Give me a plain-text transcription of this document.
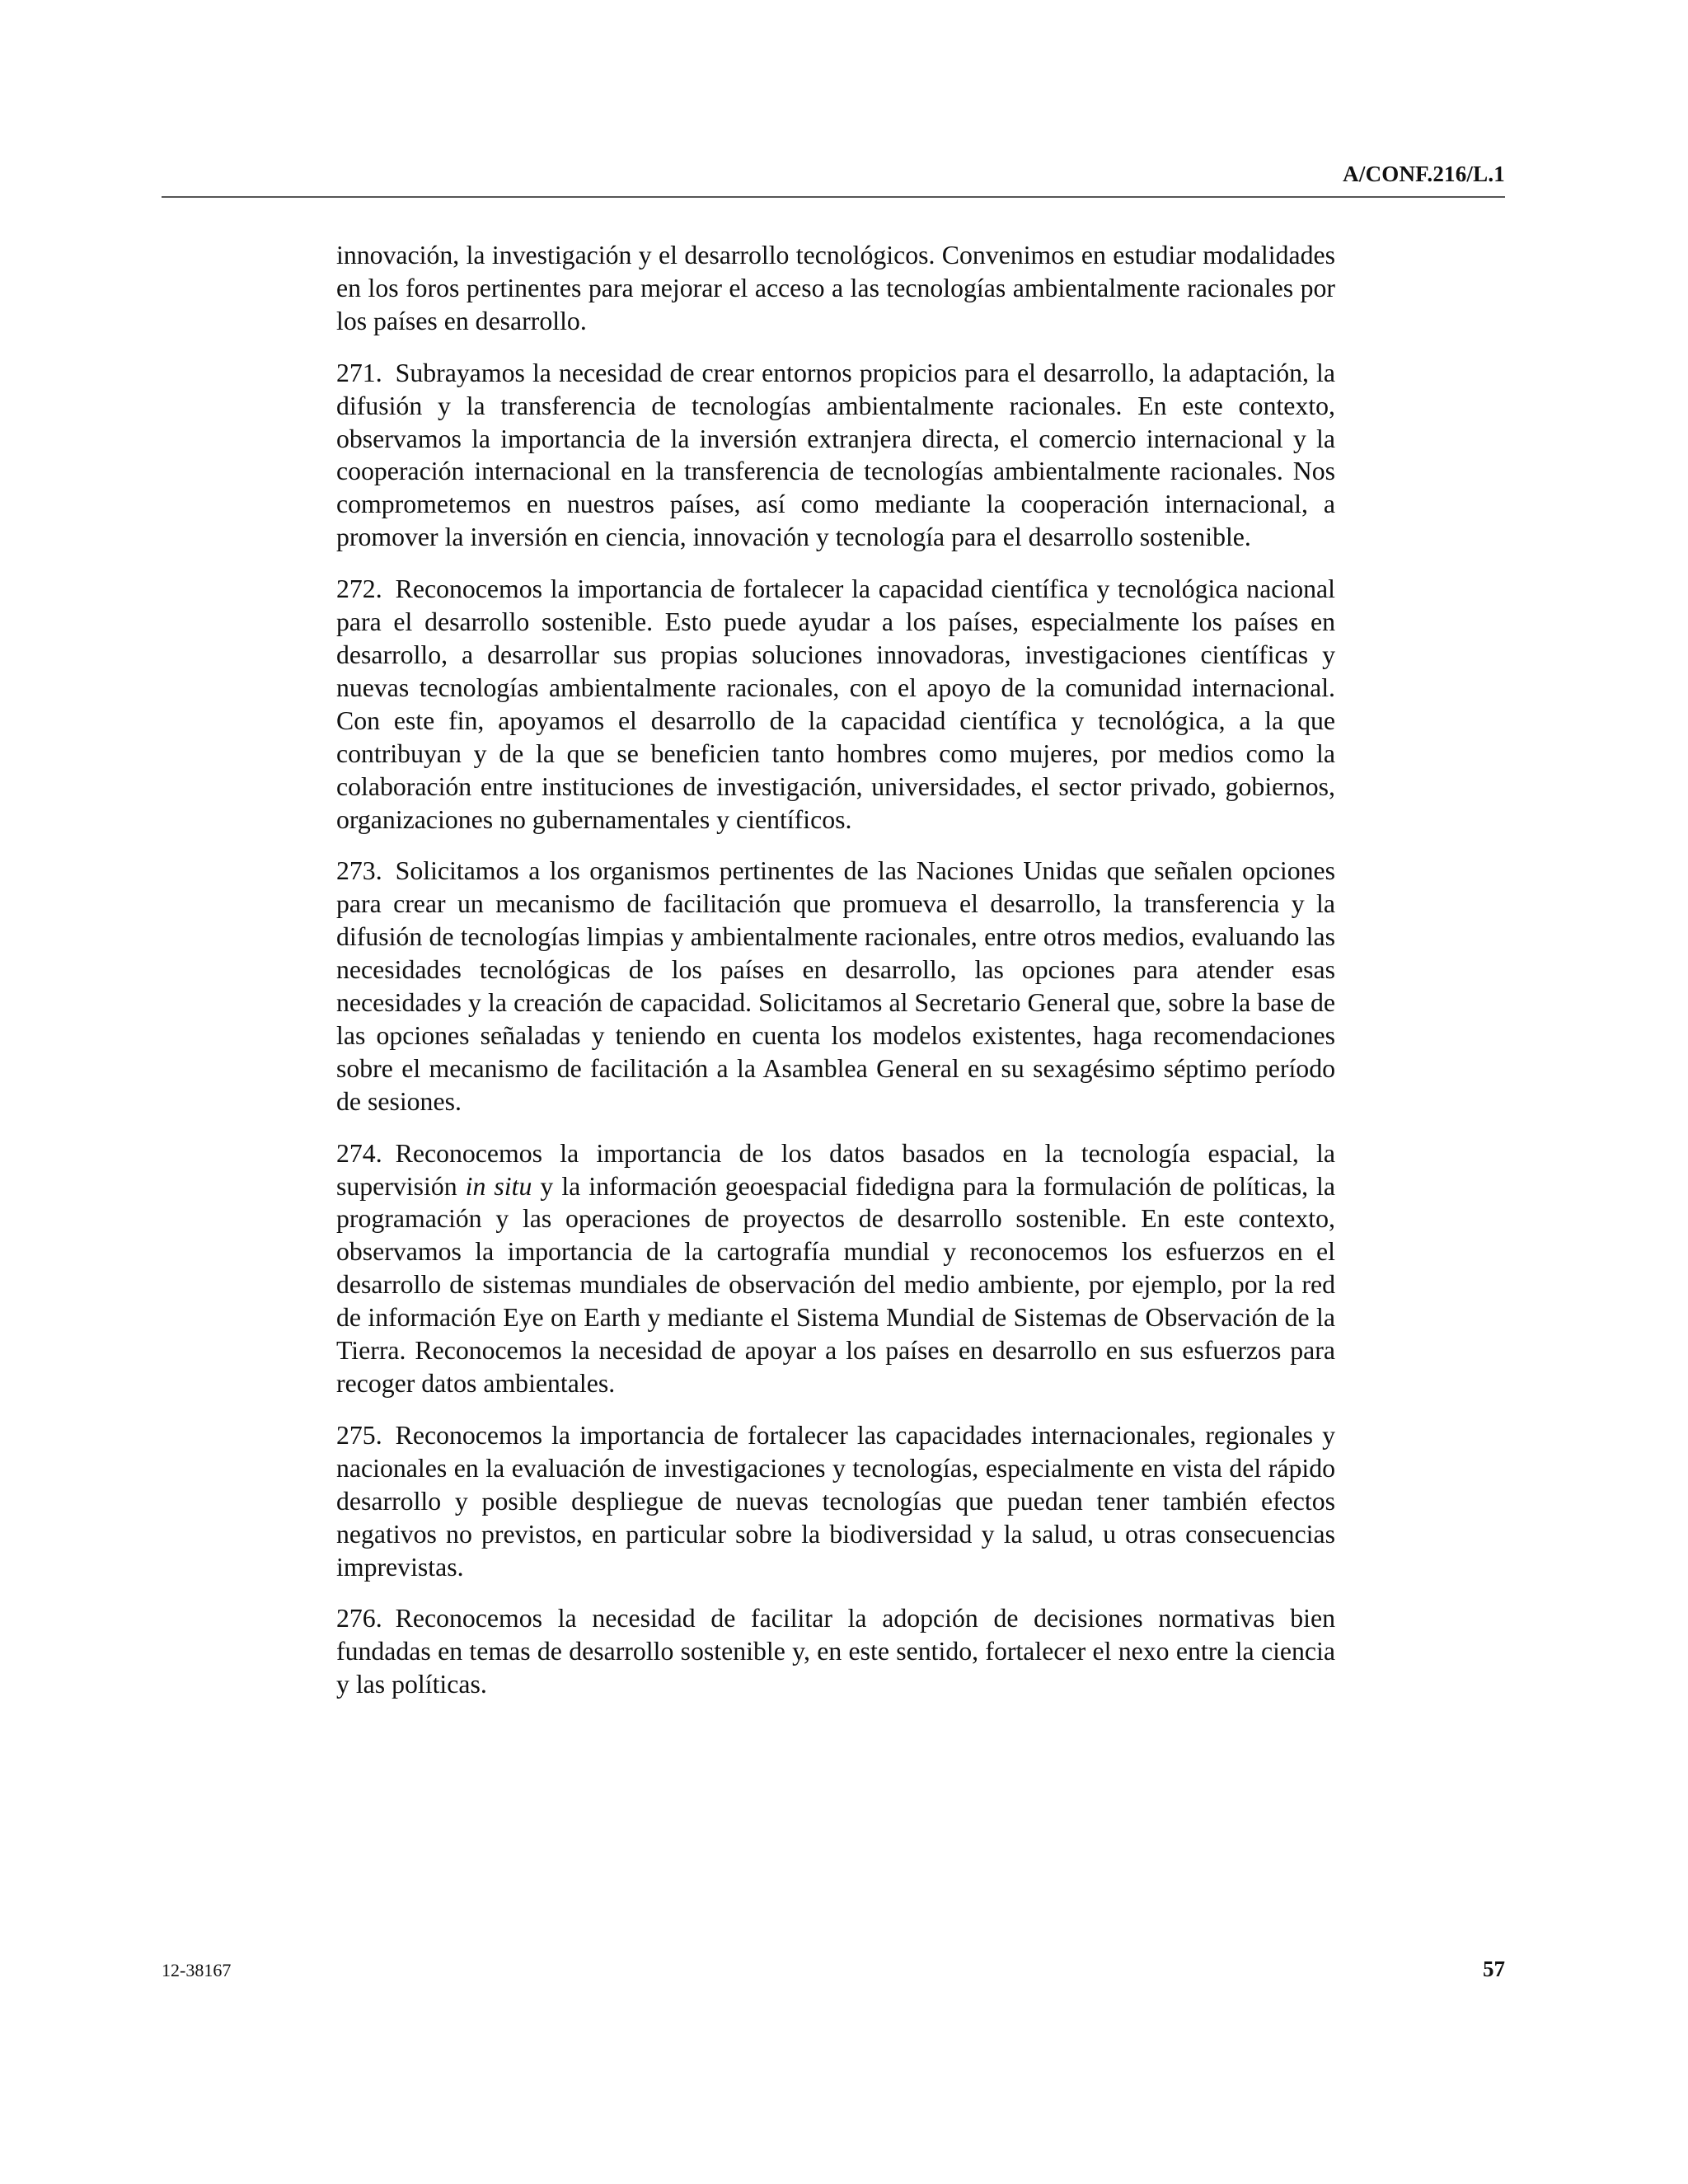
A/CONF.216/L.1

innovación, la investigación y el desarrollo tecnológicos. Convenimos en estudiar modalidades en los foros pertinentes para mejorar el acceso a las tecnologías ambientalmente racionales por los países en desarrollo.

271. Subrayamos la necesidad de crear entornos propicios para el desarrollo, la adaptación, la difusión y la transferencia de tecnologías ambientalmente racionales. En este contexto, observamos la importancia de la inversión extranjera directa, el comercio internacional y la cooperación internacional en la transferencia de tecnologías ambientalmente racionales. Nos comprometemos en nuestros países, así como mediante la cooperación internacional, a promover la inversión en ciencia, innovación y tecnología para el desarrollo sostenible.

272. Reconocemos la importancia de fortalecer la capacidad científica y tecnológica nacional para el desarrollo sostenible. Esto puede ayudar a los países, especialmente los países en desarrollo, a desarrollar sus propias soluciones innovadoras, investigaciones científicas y nuevas tecnologías ambientalmente racionales, con el apoyo de la comunidad internacional. Con este fin, apoyamos el desarrollo de la capacidad científica y tecnológica, a la que contribuyan y de la que se beneficien tanto hombres como mujeres, por medios como la colaboración entre instituciones de investigación, universidades, el sector privado, gobiernos, organizaciones no gubernamentales y científicos.

273. Solicitamos a los organismos pertinentes de las Naciones Unidas que señalen opciones para crear un mecanismo de facilitación que promueva el desarrollo, la transferencia y la difusión de tecnologías limpias y ambientalmente racionales, entre otros medios, evaluando las necesidades tecnológicas de los países en desarrollo, las opciones para atender esas necesidades y la creación de capacidad. Solicitamos al Secretario General que, sobre la base de las opciones señaladas y teniendo en cuenta los modelos existentes, haga recomendaciones sobre el mecanismo de facilitación a la Asamblea General en su sexagésimo séptimo período de sesiones.

274. Reconocemos la importancia de los datos basados en la tecnología espacial, la supervisión in situ y la información geoespacial fidedigna para la formulación de políticas, la programación y las operaciones de proyectos de desarrollo sostenible. En este contexto, observamos la importancia de la cartografía mundial y reconocemos los esfuerzos en el desarrollo de sistemas mundiales de observación del medio ambiente, por ejemplo, por la red de información Eye on Earth y mediante el Sistema Mundial de Sistemas de Observación de la Tierra. Reconocemos la necesidad de apoyar a los países en desarrollo en sus esfuerzos para recoger datos ambientales.

275. Reconocemos la importancia de fortalecer las capacidades internacionales, regionales y nacionales en la evaluación de investigaciones y tecnologías, especialmente en vista del rápido desarrollo y posible despliegue de nuevas tecnologías que puedan tener también efectos negativos no previstos, en particular sobre la biodiversidad y la salud, u otras consecuencias imprevistas.

276. Reconocemos la necesidad de facilitar la adopción de decisiones normativas bien fundadas en temas de desarrollo sostenible y, en este sentido, fortalecer el nexo entre la ciencia y las políticas.

12-38167	57
